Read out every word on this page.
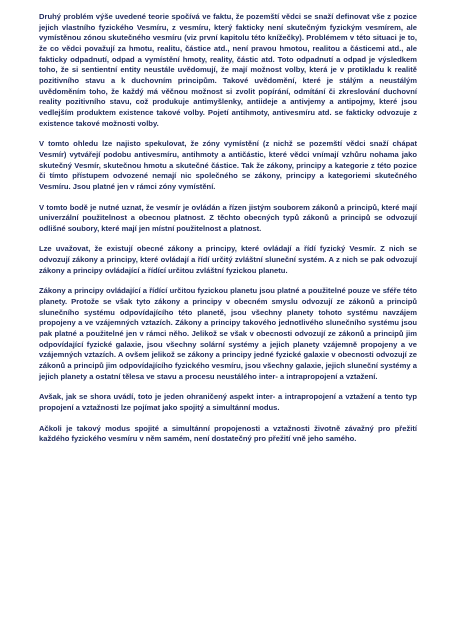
Druhý problém výše uvedené teorie spočívá ve faktu, že pozemští vědci se snaží definovat vše z pozice jejich vlastního fyzického Vesmíru, z vesmíru, který fakticky není skutečným fyzickým vesmírem, ale vymístěnou zónou skutečného vesmíru (viz první kapitolu této knížečky). Problémem v této situaci je to, že co vědci považují za hmotu, realitu, částice atd., není pravou hmotou, realitou a částicemi atd., ale fakticky odpadnutí, odpad a vymístění hmoty, reality, částic atd. Toto odpadnutí a odpad je výsledkem toho, že si sentientní entity neustále uvědomují, že mají možnost volby, která je v protikladu k realitě pozitivního stavu a k duchovním principům. Takové uvědomění, které je stálým a neustálým uvědoměním toho, že každý má věčnou možnost si zvolit popírání, odmítání či zkreslování duchovní reality pozitivního stavu, což produkuje antimyšlenky, antiideje a antivjemy a antipojmy, které jsou vedlejším produktem existence takové volby. Pojetí antihmoty, antivesmíru atd. se fakticky odvozuje z existence takové možnosti volby.

V tomto ohledu lze najisto spekulovat, že zóny vymístění (z nichž se pozemští vědci snaží chápat Vesmír) vytvářejí podobu antivesmíru, antihmoty a antičástic, které vědci vnímají vzhůru nohama jako skutečný Vesmír, skutečnou hmotu a skutečné částice. Tak že zákony, principy a kategorie z této pozice či tímto přístupem odvozené nemají nic společného se zákony, principy a kategoriemi skutečného Vesmíru. Jsou platné jen v rámci zóny vymístění.

V tomto bodě je nutné uznat, že vesmír je ovládán a řízen jistým souborem zákonů a principů, které mají univerzální použitelnost a obecnou platnost. Z těchto obecných typů zákonů a principů se odvozují odlišné soubory, které mají jen místní použitelnost a platnost.

Lze uvažovat, že existují obecné zákony a principy, které ovládají a řídí fyzický Vesmír. Z nich se odvozují zákony a principy, které ovládají a řídí určitý zvláštní sluneční systém. A z nich se pak odvozují zákony a principy ovládající a řídící určitou zvláštní fyzickou planetu.

Zákony a principy ovládající a řídící určitou fyzickou planetu jsou platné a použitelné pouze ve sféře této planety. Protože se však tyto zákony a principy v obecném smyslu odvozují ze zákonů a principů slunečního systému odpovídajícího této planetě, jsou všechny planety tohoto systému navzájem propojeny a ve vzájemných vztazích. Zákony a principy takového jednotlivého slunečního systému jsou pak platné a použitelné jen v rámci něho. Jelikož se však v obecnosti odvozují ze zákonů a principů jim odpovídající fyzické galaxie, jsou všechny solární systémy a jejich planety vzájemně propojeny a ve vzájemných vztazích. A ovšem jelikož se zákony a principy jedné fyzické galaxie v obecnosti odvozují ze zákonů a principů jim odpovídajícího fyzického vesmíru, jsou všechny galaxie, jejich sluneční systémy a jejich planety a ostatní tělesa ve stavu a procesu neustálého inter- a intrapropojení a vztažení.

Avšak, jak se shora uvádí, toto je jeden ohraničený aspekt inter- a intrapropojení a vztažení a tento typ propojení a vztažnosti lze pojímat jako spojitý a simultánní modus.

Ačkoli je takový modus spojité a simultánní propojenosti a vztažnosti životně závažný pro přežití každého fyzického vesmíru v něm samém, není dostatečný pro přežití vně jeho samého.
